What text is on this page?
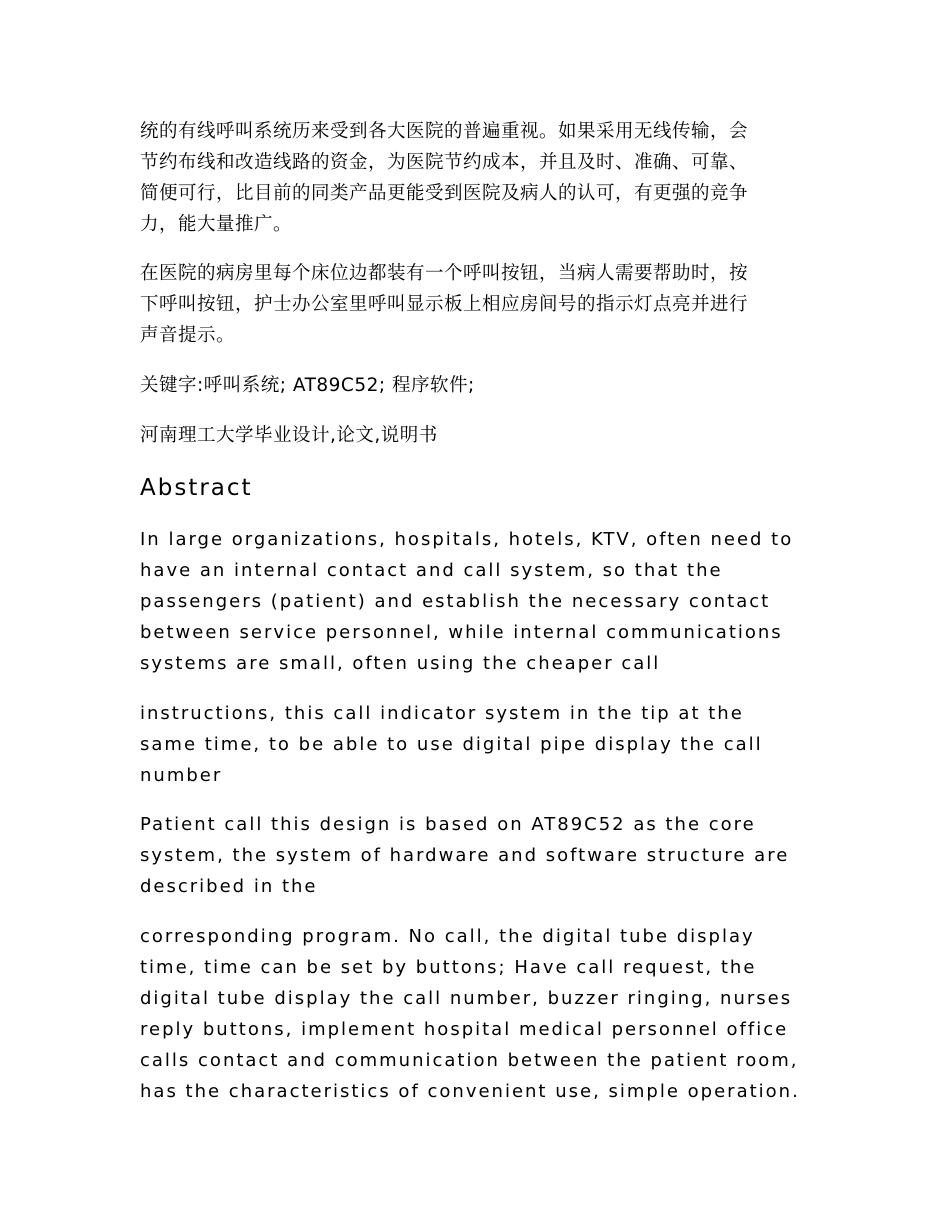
统的有线呼叫系统历来受到各大医院的普遍重视。如果采用无线传输，会
节约布线和改造线路的资金，为医院节约成本，并且及时、准确、可靠、
简便可行，比目前的同类产品更能受到医院及病人的认可，有更强的竞争
力，能大量推广。

在医院的病房里每个床位边都装有一个呼叫按钮，当病人需要帮助时，按
下呼叫按钮，护士办公室里呼叫显示板上相应房间号的指示灯点亮并进行
声音提示。

关键字:呼叫系统; AT89C52; 程序软件;

河南理工大学毕业设计,论文,说明书

Abstract

In large organizations, hospitals, hotels, KTV, often need to
have an internal contact and call system, so that the
passengers (patient) and establish the necessary contact
between service personnel, while internal communications
systems are small, often using the cheaper call

instructions, this call indicator system in the tip at the
same time, to be able to use digital pipe display the call
number

Patient call this design is based on AT89C52 as the core
system, the system of hardware and software structure are
described in the

corresponding program. No call, the digital tube display
time, time can be set by buttons; Have call request, the
digital tube display the call number, buzzer ringing, nurses
reply buttons, implement hospital medical personnel office
calls contact and communication between the patient room,
has the characteristics of convenient use, simple operation.
